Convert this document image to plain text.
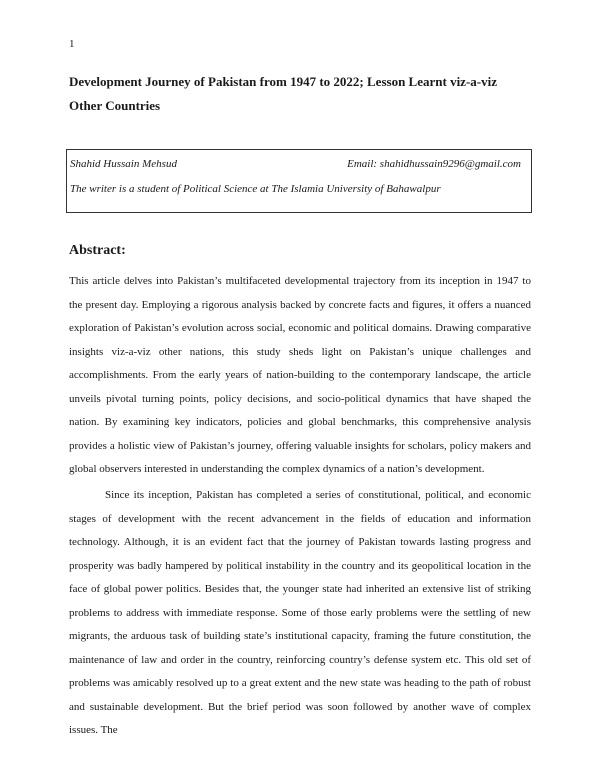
1
Development Journey of Pakistan from 1947 to 2022; Lesson Learnt viz-a-viz Other Countries
Shahid Hussain Mehsud	Email: shahidhussain9296@gmail.com
The writer is a student of Political Science at The Islamia University of Bahawalpur
Abstract:

This article delves into Pakistan’s multifaceted developmental trajectory from its inception in 1947 to the present day. Employing a rigorous analysis backed by concrete facts and figures, it offers a nuanced exploration of Pakistan’s evolution across social, economic and political domains. Drawing comparative insights viz-a-viz other nations, this study sheds light on Pakistan’s unique challenges and accomplishments. From the early years of nation-building to the contemporary landscape, the article unveils pivotal turning points, policy decisions, and socio-political dynamics that have shaped the nation. By examining key indicators, policies and global benchmarks, this comprehensive analysis provides a holistic view of Pakistan’s journey, offering valuable insights for scholars, policy makers and global observers interested in understanding the complex dynamics of a nation’s development.

Since its inception, Pakistan has completed a series of constitutional, political, and economic stages of development with the recent advancement in the fields of education and information technology. Although, it is an evident fact that the journey of Pakistan towards lasting progress and prosperity was badly hampered by political instability in the country and its geopolitical location in the face of global power politics. Besides that, the younger state had inherited an extensive list of striking problems to address with immediate response. Some of those early problems were the settling of new migrants, the arduous task of building state’s institutional capacity, framing the future constitution, the maintenance of law and order in the country, reinforcing country’s defense system etc. This old set of problems was amicably resolved up to a great extent and the new state was heading to the path of robust and sustainable development. But the brief period was soon followed by another wave of complex issues. The
